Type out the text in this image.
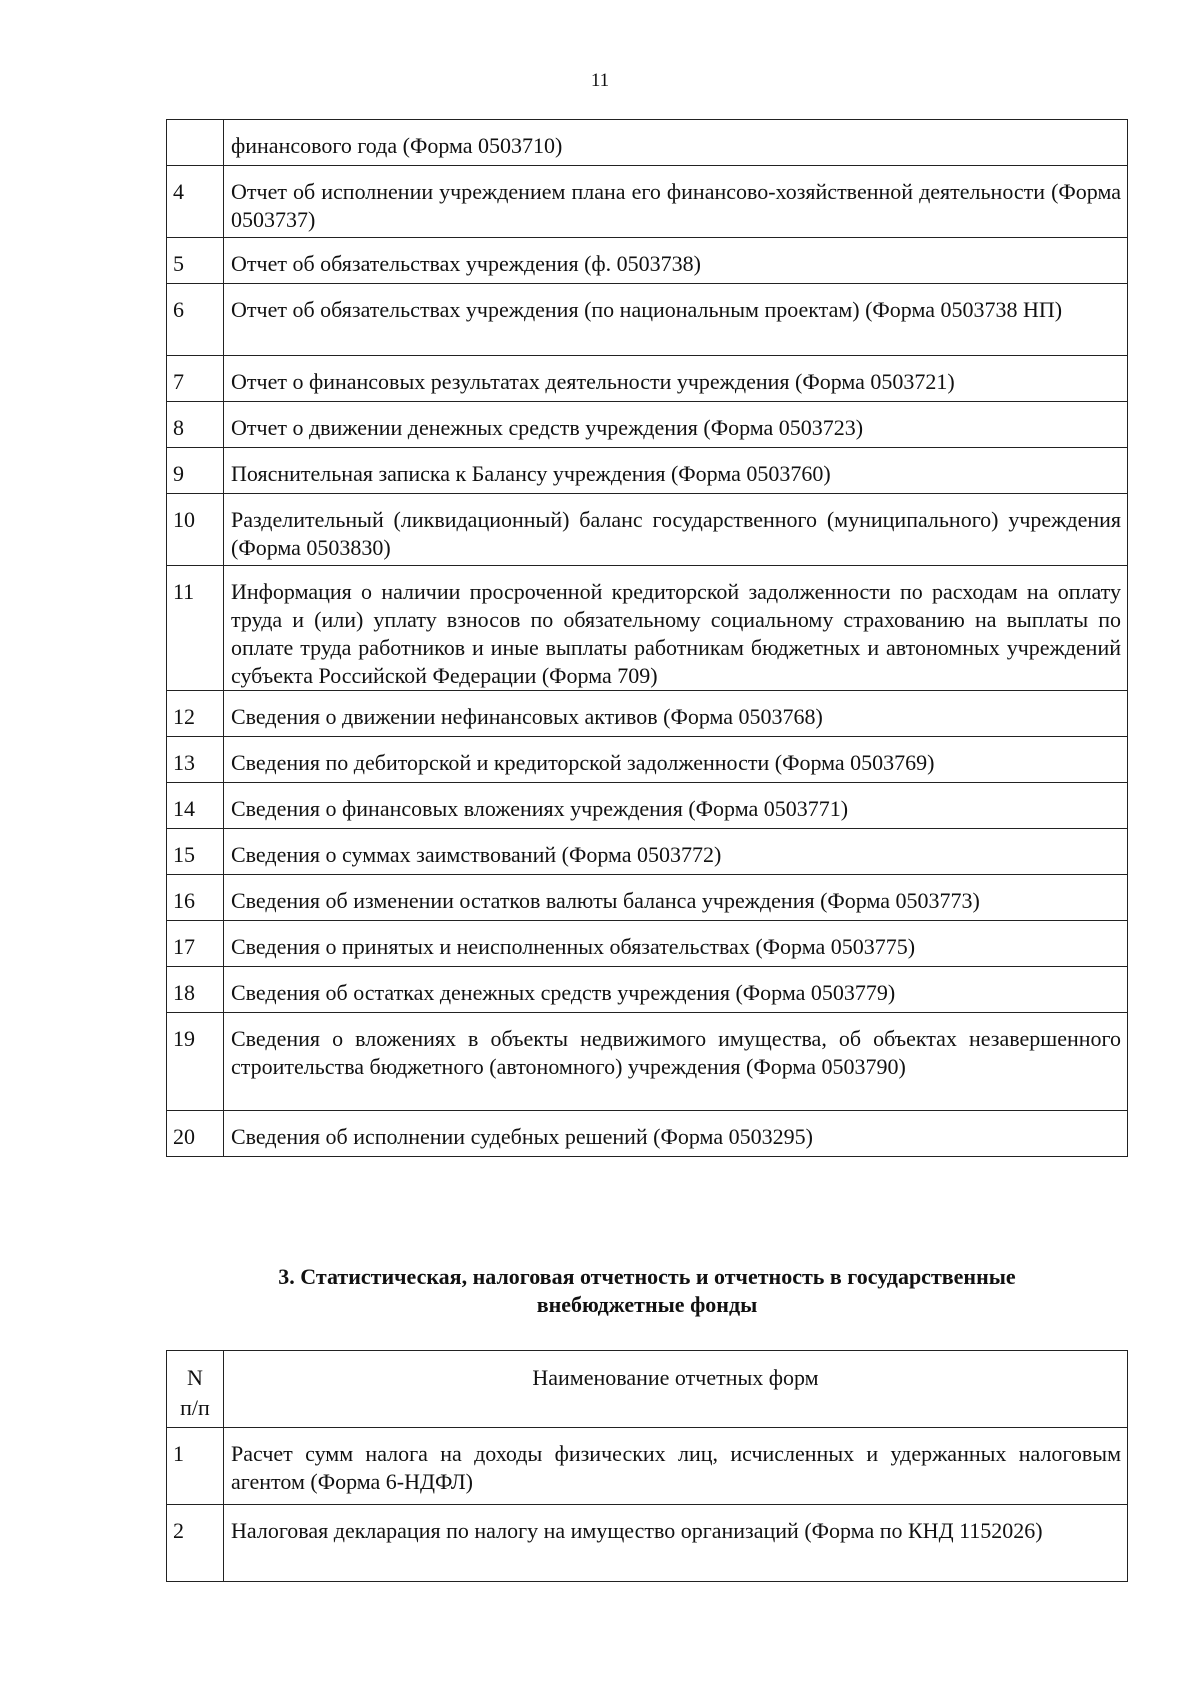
11
	финансового года (Форма 0503710)
4	Отчет об исполнении учреждением плана его финансово-хозяйственной деятельности (Форма 0503737)
5	Отчет об обязательствах учреждения (ф. 0503738)
6	Отчет об обязательствах учреждения (по национальным проектам) (Форма 0503738 НП)
7	Отчет о финансовых результатах деятельности учреждения (Форма 0503721)
8	Отчет о движении денежных средств учреждения (Форма 0503723)
9	Пояснительная записка к Балансу учреждения (Форма 0503760)
10	Разделительный (ликвидационный) баланс государственного (муниципального) учреждения (Форма 0503830)
11	Информация о наличии просроченной кредиторской задолженности по расходам на оплату труда и (или) уплату взносов по обязательному социальному страхованию на выплаты по оплате труда работников и иные выплаты работникам бюджетных и автономных учреждений субъекта Российской Федерации (Форма 709)
12	Сведения о движении нефинансовых активов (Форма 0503768)
13	Сведения по дебиторской и кредиторской задолженности (Форма 0503769)
14	Сведения о финансовых вложениях учреждения (Форма 0503771)
15	Сведения о суммах заимствований (Форма 0503772)
16	Сведения об изменении остатков валюты баланса учреждения (Форма 0503773)
17	Сведения о принятых и неисполненных обязательствах (Форма 0503775)
18	Сведения об остатках денежных средств учреждения (Форма 0503779)
19	Сведения о вложениях в объекты недвижимого имущества, об объектах незавершенного строительства бюджетного (автономного) учреждения (Форма 0503790)
20	Сведения об исполнении судебных решений (Форма 0503295)
3. Статистическая, налоговая отчетность и отчетность в государственные
внебюджетные фонды
N
п/п	Наименование отчетных форм
1	Расчет сумм налога на доходы физических лиц, исчисленных и удержанных налоговым агентом (Форма 6-НДФЛ)
2	Налоговая декларация по налогу на имущество организаций (Форма по КНД 1152026)
